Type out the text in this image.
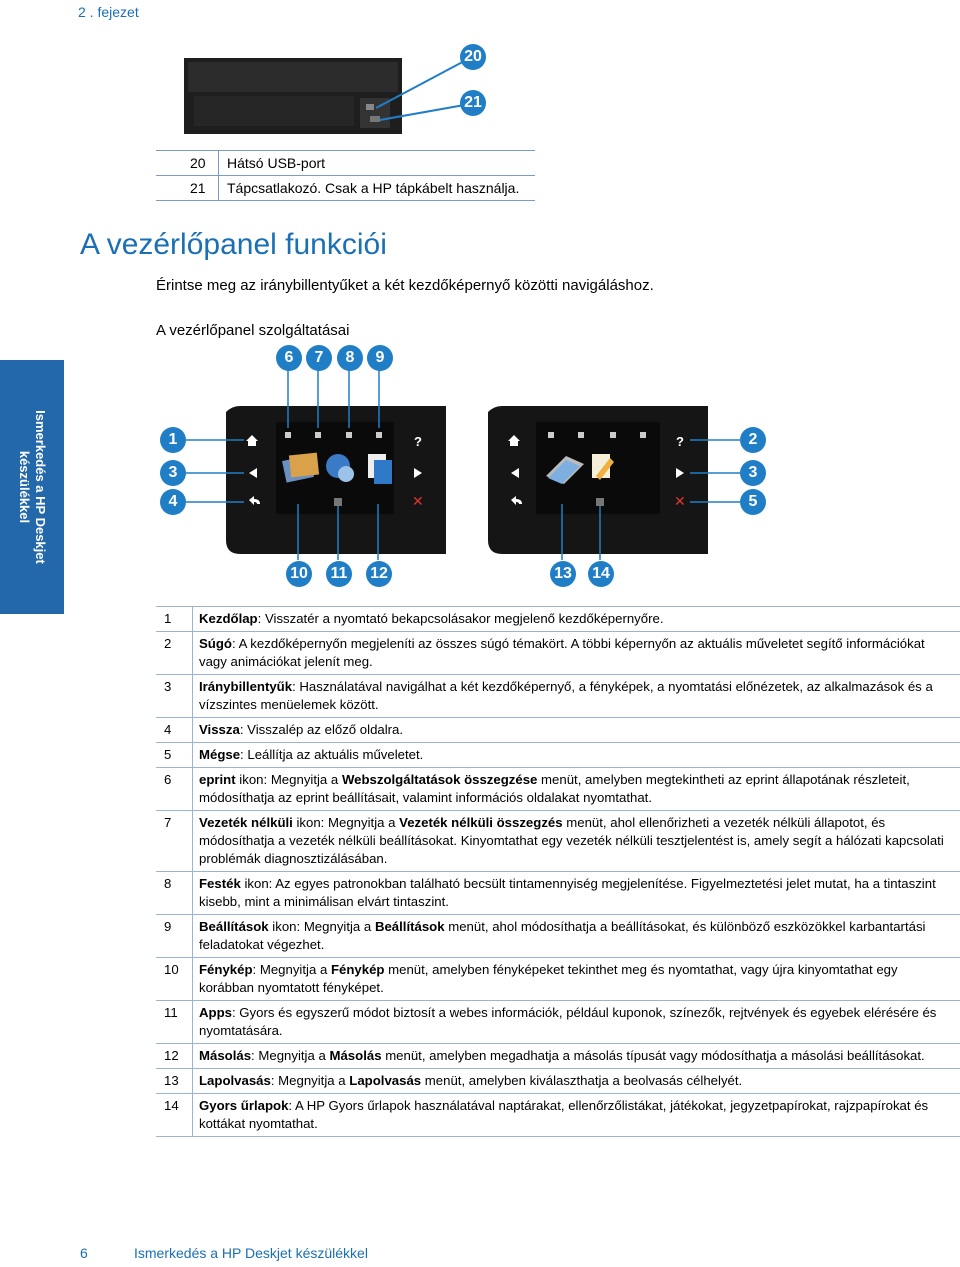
2 . fejezet
20
21
20	Hátsó USB-port
21	Tápcsatlakozó. Csak a HP tápkábelt használja.
Ismerkedés a HP Deskjet
készülékkel
A vezérlőpanel funkciói
Érintse meg az iránybillentyűket a két kezdőképernyő közötti navigáláshoz.
A vezérlőpanel szolgáltatásai
?
✕
?
✕
6	7	8	9
1
3
4
10 11 12
2
3
5
13 14
1	Kezdőlap: Visszatér a nyomtató bekapcsolásakor megjelenő kezdőképernyőre.
2	Súgó: A kezdőképernyőn megjeleníti az összes súgó témakört. A többi képernyőn az aktuális műveletet segítő információkat vagy animációkat jelenít meg.
3	Iránybillentyűk: Használatával navigálhat a két kezdőképernyő, a fényképek, a nyomtatási előnézetek, az alkalmazások és a vízszintes menüelemek között.
4	Vissza: Visszalép az előző oldalra.
5	Mégse: Leállítja az aktuális műveletet.
6	eprint ikon: Megnyitja a Webszolgáltatások összegzése menüt, amelyben megtekintheti az eprint állapotának részleteit, módosíthatja az eprint beállításait, valamint információs oldalakat nyomtathat.
7	Vezeték nélküli ikon: Megnyitja a Vezeték nélküli összegzés menüt, ahol ellenőrizheti a vezeték nélküli állapotot, és módosíthatja a vezeték nélküli beállításokat. Kinyomtathat egy vezeték nélküli tesztjelentést is, amely segít a hálózati kapcsolati problémák diagnosztizálásában.
8	Festék ikon: Az egyes patronokban található becsült tintamennyiség megjelenítése. Figyelmeztetési jelet mutat, ha a tintaszint kisebb, mint a minimálisan elvárt tintaszint.
9	Beállítások ikon: Megnyitja a Beállítások menüt, ahol módosíthatja a beállításokat, és különböző eszközökkel karbantartási feladatokat végezhet.
10	Fénykép: Megnyitja a Fénykép menüt, amelyben fényképeket tekinthet meg és nyomtathat, vagy újra kinyomtathat egy korábban nyomtatott fényképet.
11	Apps: Gyors és egyszerű módot biztosít a webes információk, például kuponok, színezők, rejtvények és egyebek elérésére és nyomtatására.
12	Másolás: Megnyitja a Másolás menüt, amelyben megadhatja a másolás típusát vagy módosíthatja a másolási beállításokat.
13	Lapolvasás: Megnyitja a Lapolvasás menüt, amelyben kiválaszthatja a beolvasás célhelyét.
14	Gyors űrlapok: A HP Gyors űrlapok használatával naptárakat, ellenőrzőlistákat, játékokat, jegyzetpapírokat, rajzpapírokat és kottákat nyomtathat.
6	Ismerkedés a HP Deskjet készülékkel
